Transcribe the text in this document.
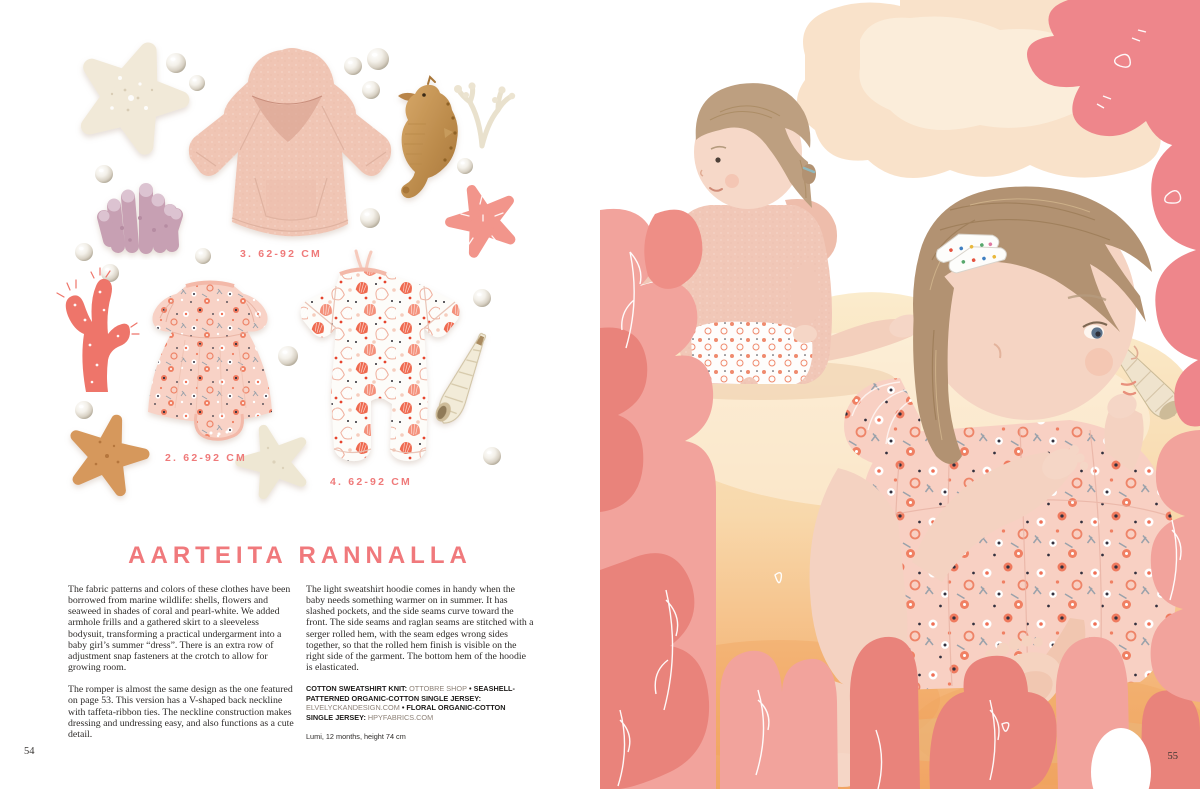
3. 62-92 CM
2. 62-92 CM
4. 62-92 CM
AARTEITA RANNALLA

The fabric patterns and colors of these clothes have been borrowed from marine wildlife: shells, flowers and seaweed in shades of coral and pearl-white. We added armhole frills and a gathered skirt to a sleeveless bodysuit, transforming a practical undergarment into a baby girl’s summer “dress”. There is an extra row of adjustment snap fasteners at the crotch to allow for growing room.

The romper is almost the same design as the one featured on page 53. This version has a V-shaped back neckline with taffeta-ribbon ties. The neckline construction makes dressing and undressing easy, and also functions as a cute detail.

The light sweatshirt hoodie comes in handy when the baby needs something warmer on in summer. It has slashed pockets, and the side seams curve toward the front. The side seams and raglan seams are stitched with a serger rolled hem, with the seam edges wrong sides together, so that the rolled hem finish is visible on the right side of the garment. The bottom hem of the hoodie is elasticated.

COTTON SWEATSHIRT KNIT: OTTOBRE SHOP • SEASHELL-PATTERNED ORGANIC-COTTON SINGLE JERSEY: ELVELYCKANDESIGN.COM • FLORAL ORGANIC-COTTON SINGLE JERSEY: HPYFABRICS.COM

Lumi, 12 months, height 74 cm

54	55
